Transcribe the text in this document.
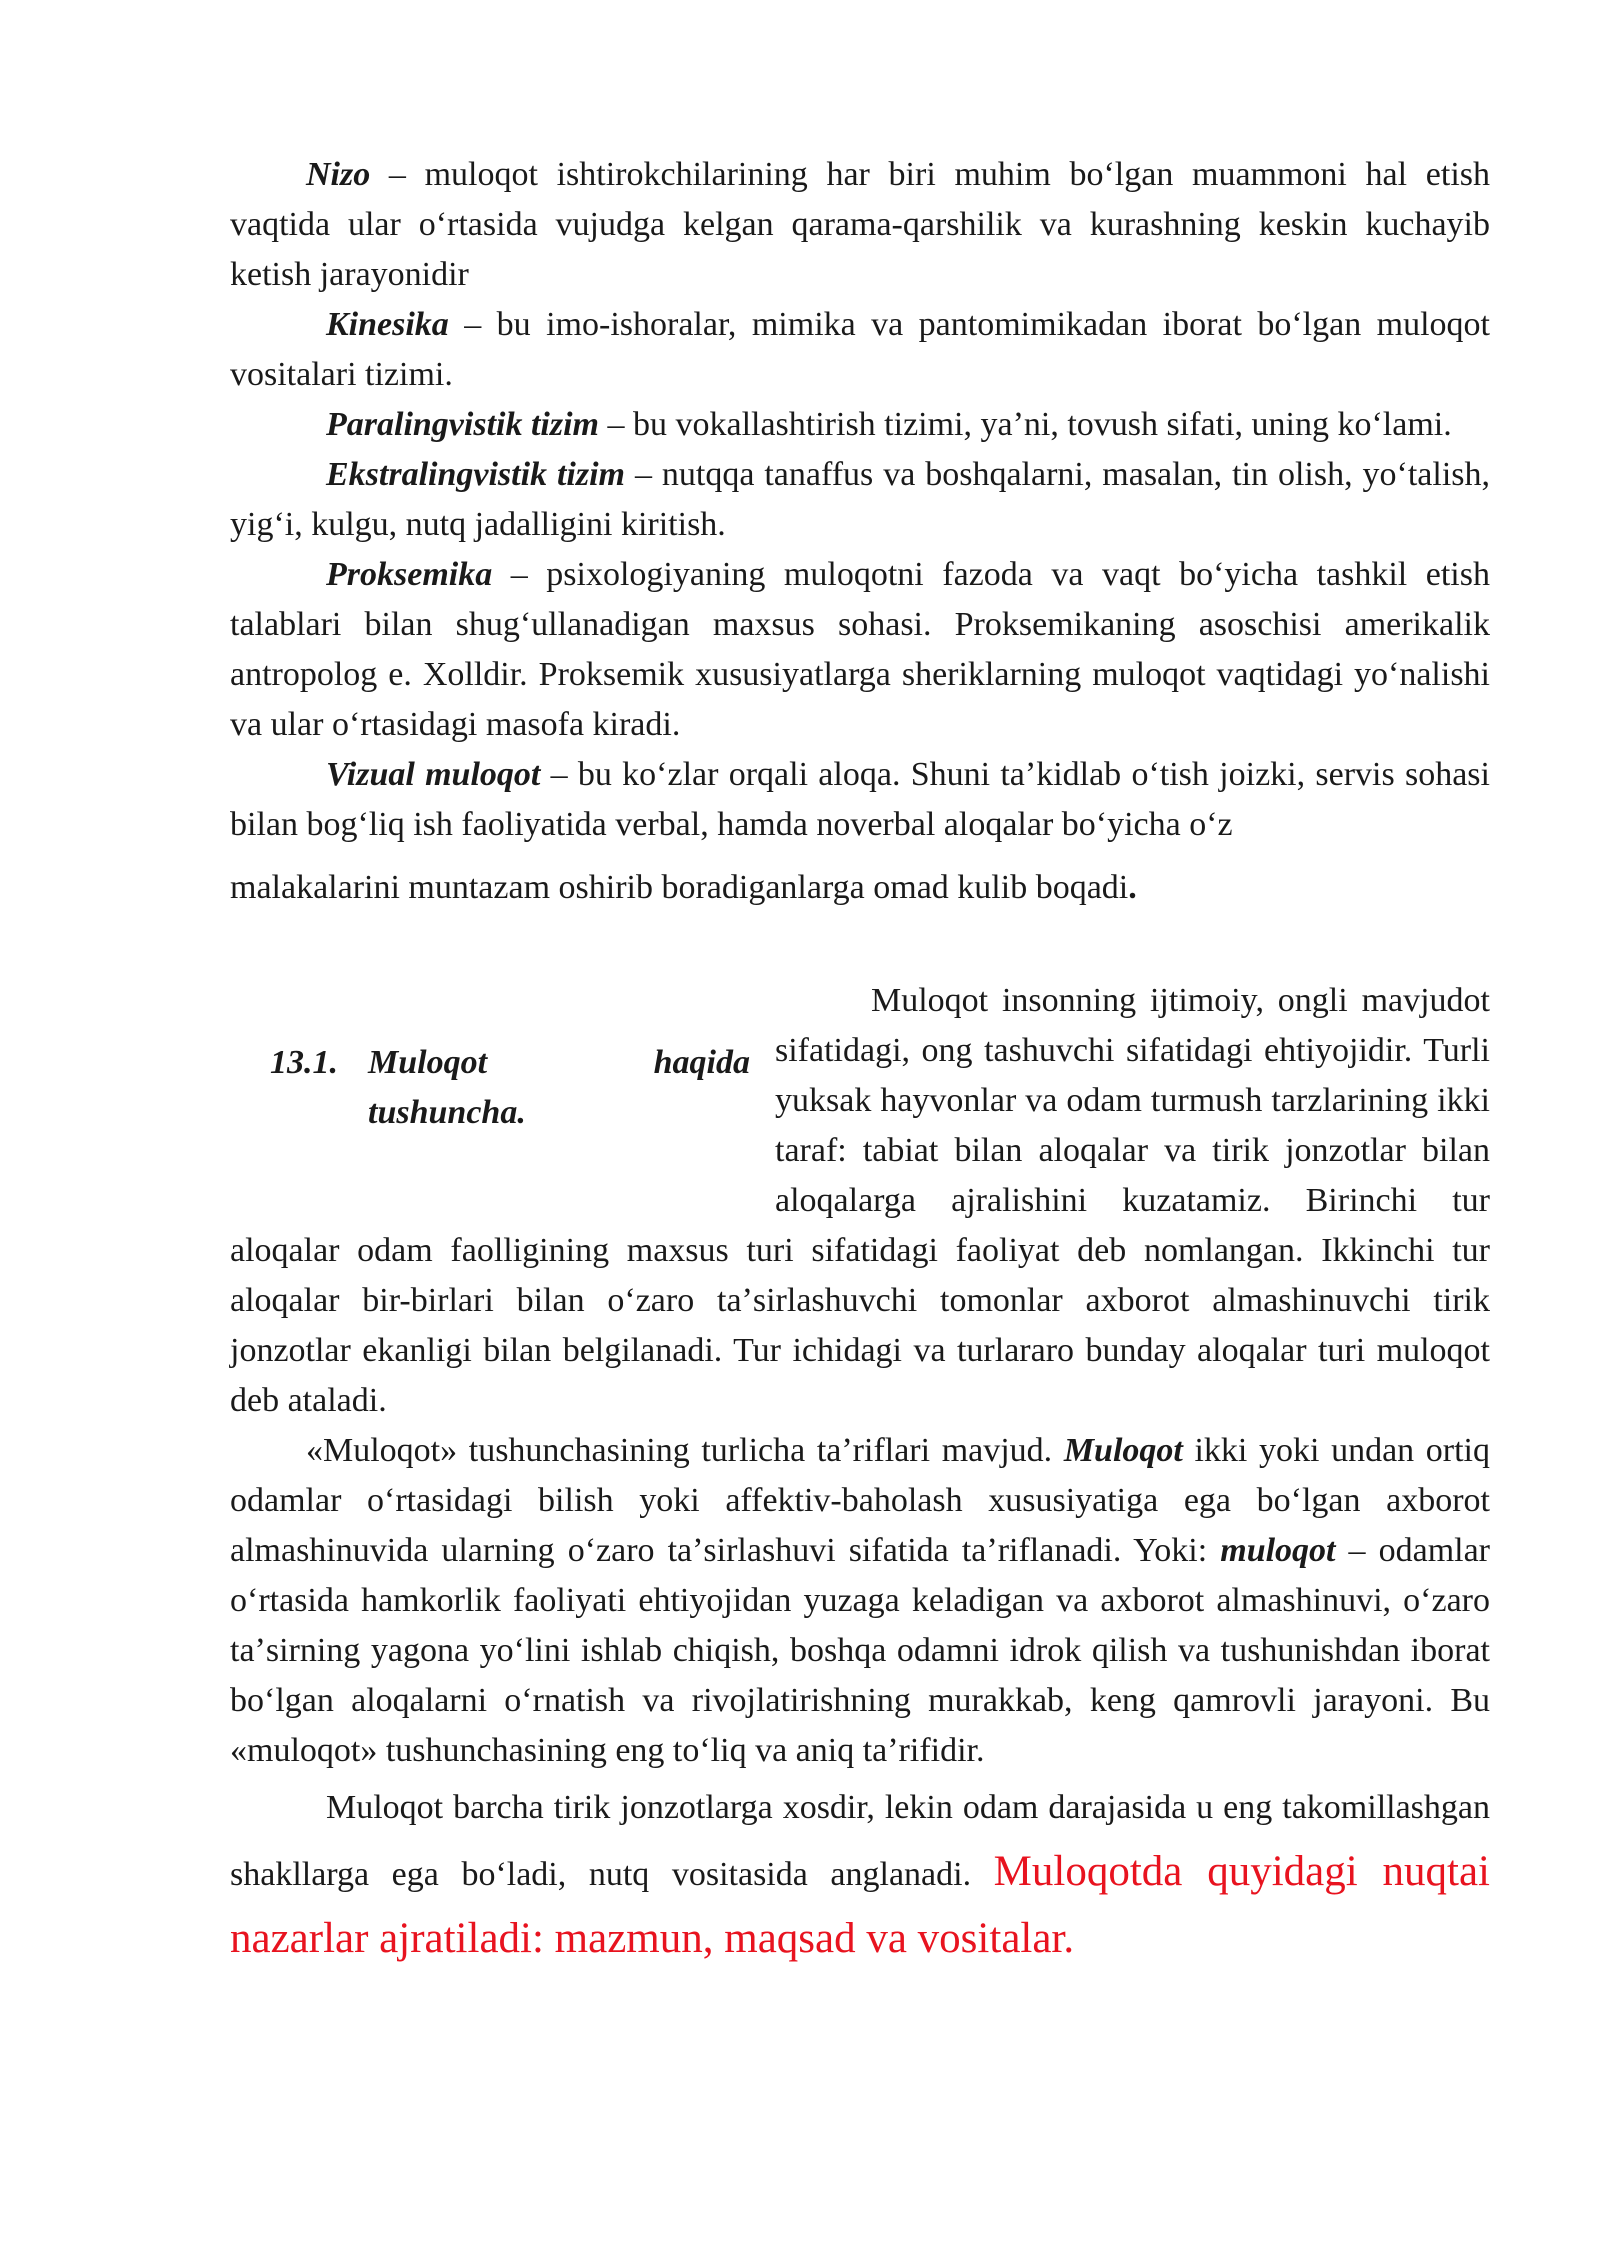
Nizo – muloqot ishtirokchilarining har biri muhim boʻlgan muammoni hal etish vaqtida ular oʻrtasida vujudga kelgan qarama-qarshilik va kurashning keskin kuchayib ketish jarayonidir

Kinesika – bu imo-ishoralar, mimika va pantomimikadan iborat boʻlgan muloqot vositalari tizimi.

Paralingvistik tizim – bu vokallashtirish tizimi, yaʼni, tovush sifati, uning koʻlami.

Ekstralingvistik tizim – nutqqa tanaffus va boshqalarni, masalan, tin olish, yoʻtalish, yigʻi, kulgu, nutq jadalligini kiritish.

Proksemika – psixologiyaning muloqotni fazoda va vaqt boʻyicha tashkil etish talablari bilan shugʻullanadigan maxsus sohasi. Proksemikaning asoschisi amerikalik antropolog e. Xolldir. Proksemik xususiyatlarga sheriklarning muloqot vaqtidagi yoʻnalishi va ular oʻrtasidagi masofa kiradi.

Vizual muloqot – bu koʻzlar orqali aloqa. Shuni taʼkidlab oʻtish joizki, servis sohasi bilan bogʻliq ish faoliyatida verbal, hamda noverbal aloqalar boʻyicha oʻz

malakalarini muntazam oshirib boradiganlarga omad kulib boqadi.

13.1. Muloqot	haqida
tushuncha.

Muloqot insonning ijtimoiy, ongli mavjudot sifatidagi, ong tashuvchi sifatidagi ehtiyojidir. Turli yuksak hayvonlar va odam turmush tarzlarining ikki taraf: tabiat bilan aloqalar va tirik jonzotlar bilan aloqalarga ajralishini kuzatamiz. Birinchi tur aloqalar odam faolligining maxsus turi sifatidagi faoliyat deb nomlangan. Ikkinchi tur aloqalar bir-birlari bilan oʻzaro taʼsirlashuvchi tomonlar axborot almashinuvchi tirik jonzotlar ekanligi bilan belgilanadi. Tur ichidagi va turlararo bunday aloqalar turi muloqot deb ataladi.

«Muloqot» tushunchasining turlicha taʼriflari mavjud. Muloqot ikki yoki undan ortiq odamlar oʻrtasidagi bilish yoki affektiv-baholash xususiyatiga ega boʻlgan axborot almashinuvida ularning oʻzaro taʼsirlashuvi sifatida taʼriflanadi. Yoki: muloqot – odamlar oʻrtasida hamkorlik faoliyati ehtiyojidan yuzaga keladigan va axborot almashinuvi, oʻzaro taʼsirning yagona yoʻlini ishlab chiqish, boshqa odamni idrok qilish va tushunishdan iborat boʻlgan aloqalarni oʻrnatish va rivojlatirishning murakkab, keng qamrovli jarayoni. Bu «muloqot» tushunchasining eng toʻliq va aniq taʼrifidir.

Muloqot barcha tirik jonzotlarga xosdir, lekin odam darajasida u eng takomillashgan shakllarga ega boʻladi, nutq vositasida anglanadi. Muloqotda quyidagi nuqtai nazarlar ajratiladi: mazmun, maqsad va vositalar.
